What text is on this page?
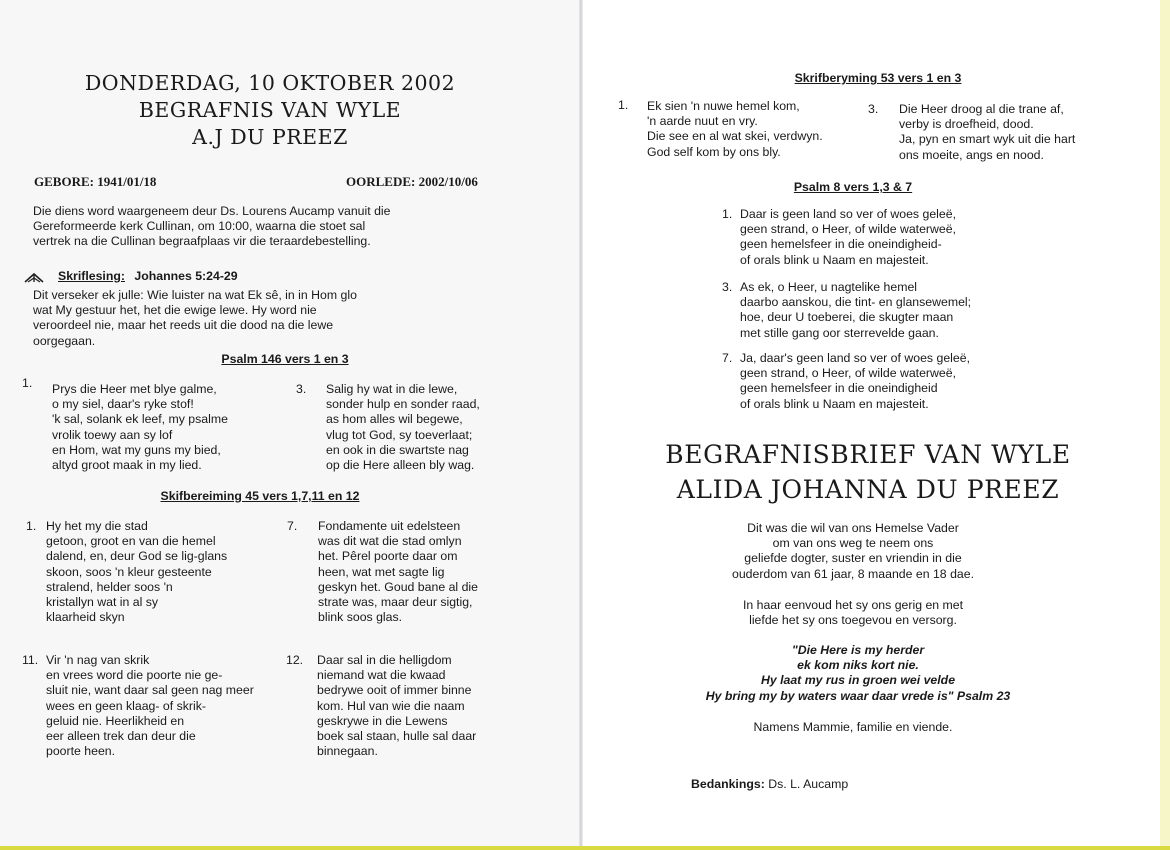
DONDERDAG, 10 OKTOBER 2002
BEGRAFNIS VAN WYLE
A.J DU PREEZ
GEBORE: 1941/01/18	OORLEDE: 2002/10/06
Die diens word waargeneem deur Ds. Lourens Aucamp vanuit die
Gereformeerde kerk Cullinan, om 10:00, waarna die stoet sal
vertrek na die Cullinan begraafplaas vir die teraardebestelling.
Skriflesing: Johannes 5:24-29
Dit verseker ek julle: Wie luister na wat Ek sê, in in Hom glo
wat My gestuur het, het die ewige lewe. Hy word nie
veroordeel nie, maar het reeds uit die dood na die lewe
oorgegaan.
Psalm 146 vers 1 en 3
1. Prys die Heer met blye galme,
o my siel, daar's ryke stof!
'k sal, solank ek leef, my psalme
vrolik toewy aan sy lof
en Hom, wat my guns my bied,
altyd groot maak in my lied.
3. Salig hy wat in die lewe,
sonder hulp en sonder raad,
as hom alles wil begewe,
vlug tot God, sy toeverlaat;
en ook in die swartste nag
op die Here alleen bly wag.
Skifbereiming 45 vers 1,7,11 en 12
1. Hy het my die stad
getoon, groot en van die hemel
dalend, en, deur God se lig-glans
skoon, soos 'n kleur gesteente
stralend, helder soos 'n
kristallyn wat in al sy
klaarheid skyn
7. Fondamente uit edelsteen
was dit wat die stad omlyn
het. Pêrel poorte daar om
heen, wat met sagte lig
geskyn het. Goud bane al die
strate was, maar deur sigtig,
blink soos glas.
11. Vir 'n nag van skrik
en vrees word die poorte nie ge-
sluit nie, want daar sal geen nag meer
wees en geen klaag- of skrik-
geluid nie. Heerlikheid en
eer alleen trek dan deur die
poorte heen.
12. Daar sal in die helligdom
niemand wat die kwaad
bedrywe ooit of immer binne
kom. Hul van wie die naam
geskrywe in die Lewens
boek sal staan, hulle sal daar
binnegaan.
Skrifberyming 53 vers 1 en 3
1. Ek sien 'n nuwe hemel kom,
'n aarde nuut en vry.
Die see en al wat skei, verdwyn.
God self kom by ons bly.
3. Die Heer droog al die trane af,
verby is droefheid, dood.
Ja, pyn en smart wyk uit die hart
ons moeite, angs en nood.
Psalm 8 vers 1,3 & 7
1. Daar is geen land so ver of woes geleë,
geen strand, o Heer, of wilde waterweë,
geen hemelsfeer in die oneindigheid-
of orals blink u Naam en majesteit.
3. As ek, o Heer, u nagtelike hemel
daarbo aanskou, die tint- en glansewemel;
hoe, deur U toeberei, die skugter maan
met stille gang oor sterrevelde gaan.
7. Ja, daar's geen land so ver of woes geleë,
geen strand, o Heer, of wilde waterweë,
geen hemelsfeer in die oneindigheid
of orals blink u Naam en majesteit.
BEGRAFNISBRIEF VAN WYLE
ALIDA JOHANNA DU PREEZ
Dit was die wil van ons Hemelse Vader
om van ons weg te neem ons
geliefde dogter, suster en vriendin in die
ouderdom van 61 jaar, 8 maande en 18 dae.
In haar eenvoud het sy ons gerig en met
liefde het sy ons toegevou en versorg.
"Die Here is my herder
ek kom niks kort nie.
Hy laat my rus in groen wei velde
Hy bring my by waters waar daar vrede is" Psalm 23
Namens Mammie, familie en viende.
Bedankings: Ds. L. Aucamp
